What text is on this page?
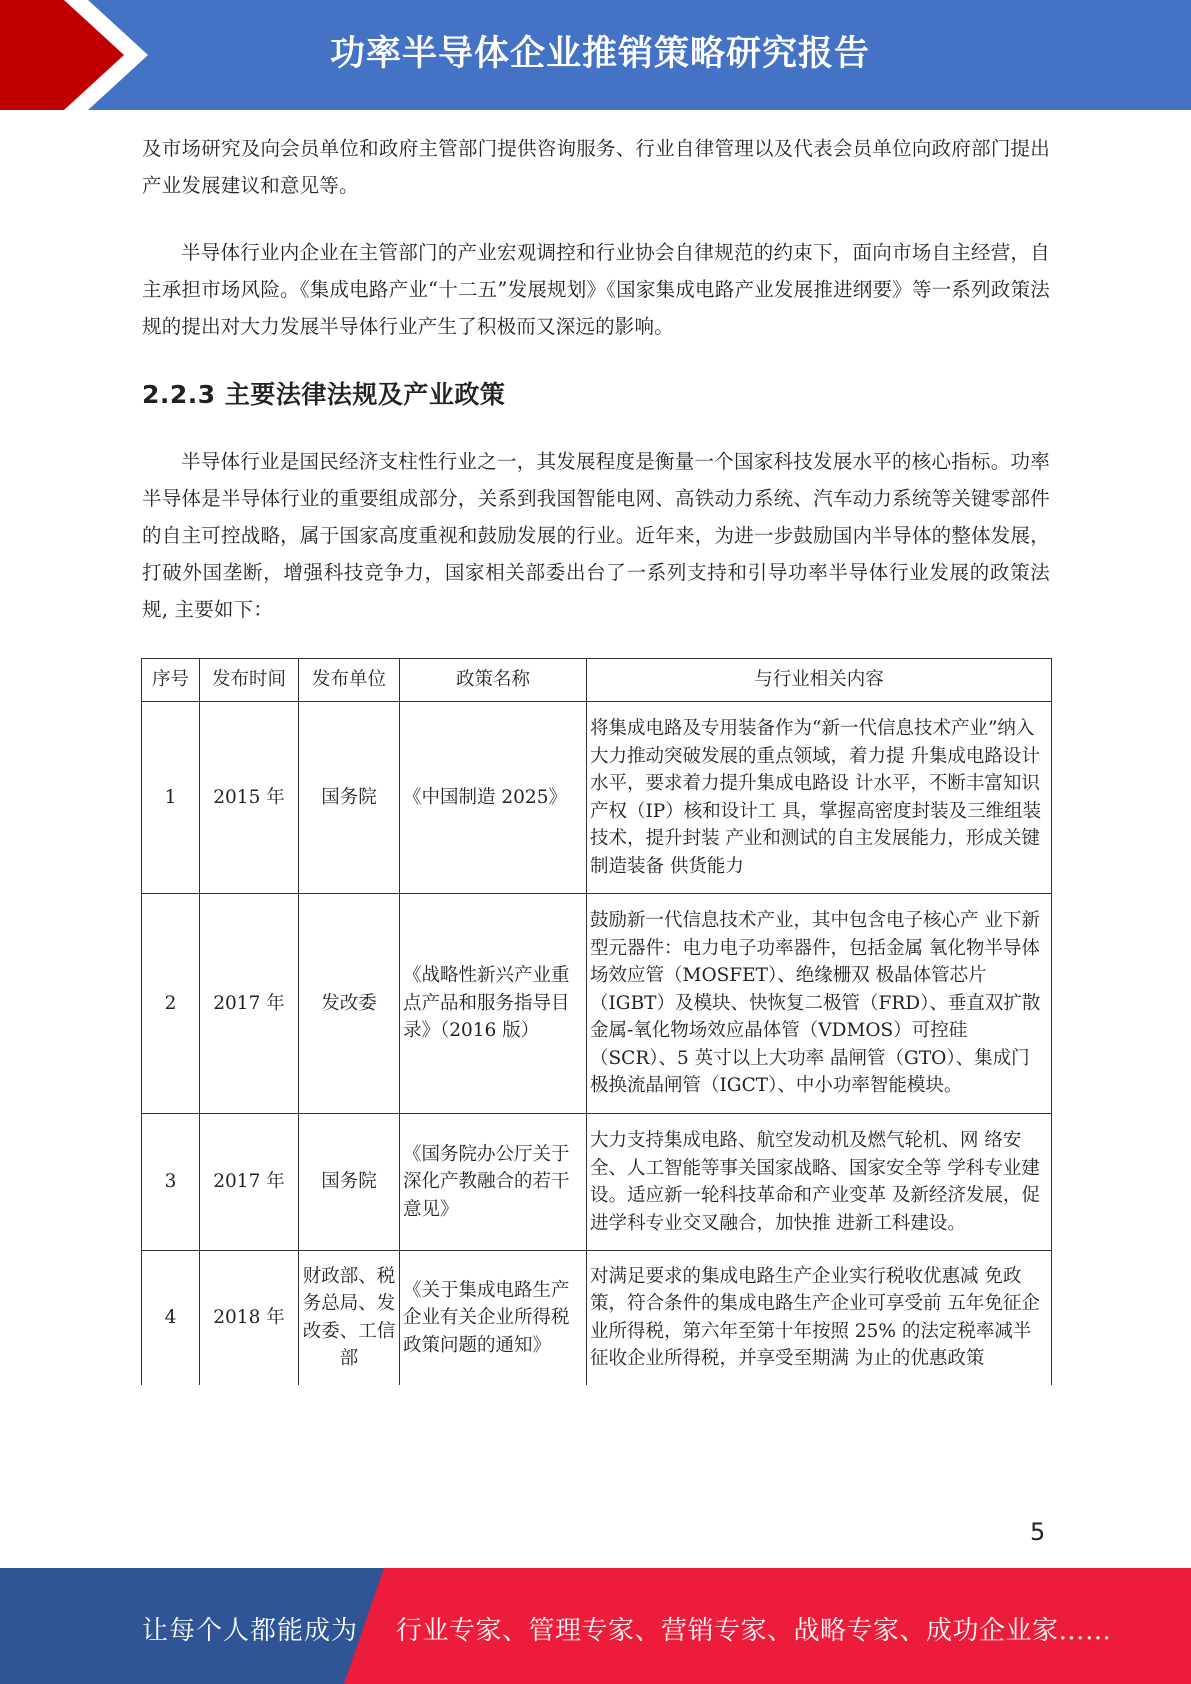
功率半导体企业推销策略研究报告

及市场研究及向会员单位和政府主管部门提供咨询服务、行业自律管理以及代表会员单位向政府部门提出产业发展建议和意见等。

半导体行业内企业在主管部门的产业宏观调控和行业协会自律规范的约束下，面向市场自主经营，自主承担市场风险。《集成电路产业“十二五”发展规划》《国家集成电路产业发展推进纲要》等一系列政策法规的提出对大力发展半导体行业产生了积极而又深远的影响。

2.2.3 主要法律法规及产业政策

半导体行业是国民经济支柱性行业之一，其发展程度是衡量一个国家科技发展水平的核心指标。功率半导体是半导体行业的重要组成部分，关系到我国智能电网、高铁动力系统、汽车动力系统等关键零部件的自主可控战略，属于国家高度重视和鼓励发展的行业。近年来，为进一步鼓励国内半导体的整体发展，打破外国垄断，增强科技竞争力，国家相关部委出台了一系列支持和引导功率半导体行业发展的政策法规, 主要如下：

序号	发布时间	发布单位	政策名称	与行业相关内容
1	2015 年	国务院	《中国制造 2025》	将集成电路及专用装备作为“新一代信息技术产业”纳入大力推动突破发展的重点领域，着力提 升集成电路设计水平，要求着力提升集成电路设 计水平，不断丰富知识产权（IP）核和设计工 具，掌握高密度封装及三维组装技术，提升封装 产业和测试的自主发展能力，形成关键制造装备 供货能力
2	2017 年	发改委	《战略性新兴产业重点产品和服务指导目录》（2016 版）	鼓励新一代信息技术产业，其中包含电子核心产 业下新型元器件：电力电子功率器件，包括金属 氧化物半导体场效应管（MOSFET）、绝缘栅双 极晶体管芯片（IGBT）及模块、快恢复二极管（FRD）、垂直双扩散金属-氧化物场效应晶体管（VDMOS）可控硅（SCR）、5 英寸以上大功率 晶闸管（GTO）、集成门极换流晶闸管（IGCT）、中小功率智能模块。
3	2017 年	国务院	《国务院办公厅关于深化产教融合的若干意见》	大力支持集成电路、航空发动机及燃气轮机、网 络安全、人工智能等事关国家战略、国家安全等 学科专业建设。适应新一轮科技革命和产业变革 及新经济发展，促进学科专业交叉融合，加快推 进新工科建设。
4	2018 年	财政部、税务总局、发改委、工信部	《关于集成电路生产企业有关企业所得税政策问题的通知》	对满足要求的集成电路生产企业实行税收优惠减 免政策，符合条件的集成电路生产企业可享受前 五年免征企业所得税，第六年至第十年按照 25% 的法定税率减半征收企业所得税，并享受至期满 为止的优惠政策
5
让每个人都能成为 行业专家、管理专家、营销专家、战略专家、成功企业家……
